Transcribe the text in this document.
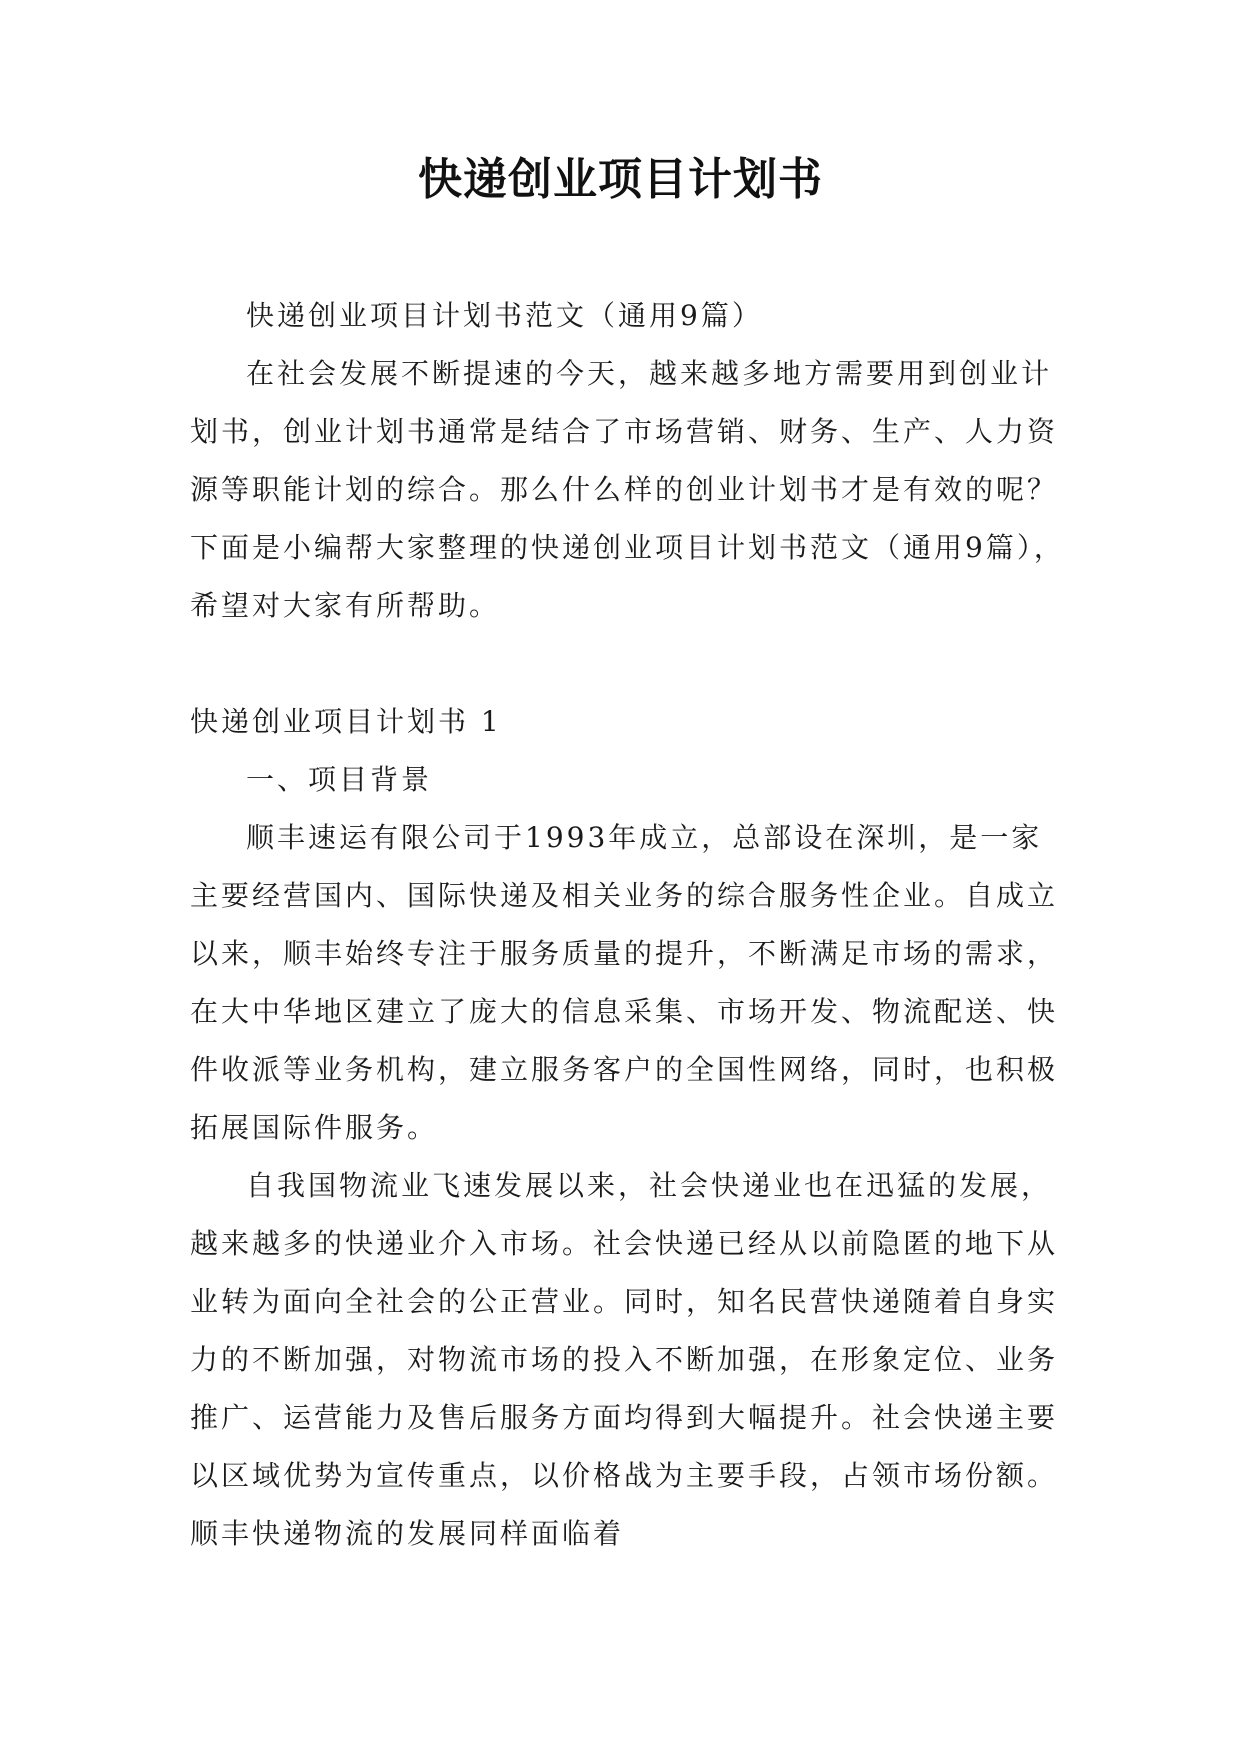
快递创业项目计划书

快递创业项目计划书范文（通用9篇）

在社会发展不断提速的今天，越来越多地方需要用到创业计划书，创业计划书通常是结合了市场营销、财务、生产、人力资源等职能计划的综合。那么什么样的创业计划书才是有效的呢？下面是小编帮大家整理的快递创业项目计划书范文（通用9篇），希望对大家有所帮助。

快递创业项目计划书 1

一、项目背景

顺丰速运有限公司于1993年成立，总部设在深圳，是一家主要经营国内、国际快递及相关业务的综合服务性企业。自成立以来，顺丰始终专注于服务质量的提升，不断满足市场的需求，在大中华地区建立了庞大的信息采集、市场开发、物流配送、快件收派等业务机构，建立服务客户的全国性网络，同时，也积极拓展国际件服务。

自我国物流业飞速发展以来，社会快递业也在迅猛的发展，越来越多的快递业介入市场。社会快递已经从以前隐匿的地下从业转为面向全社会的公正营业。同时，知名民营快递随着自身实力的不断加强，对物流市场的投入不断加强，在形象定位、业务推广、运营能力及售后服务方面均得到大幅提升。社会快递主要以区域优势为宣传重点，以价格战为主要手段，占领市场份额。顺丰快递物流的发展同样面临着
